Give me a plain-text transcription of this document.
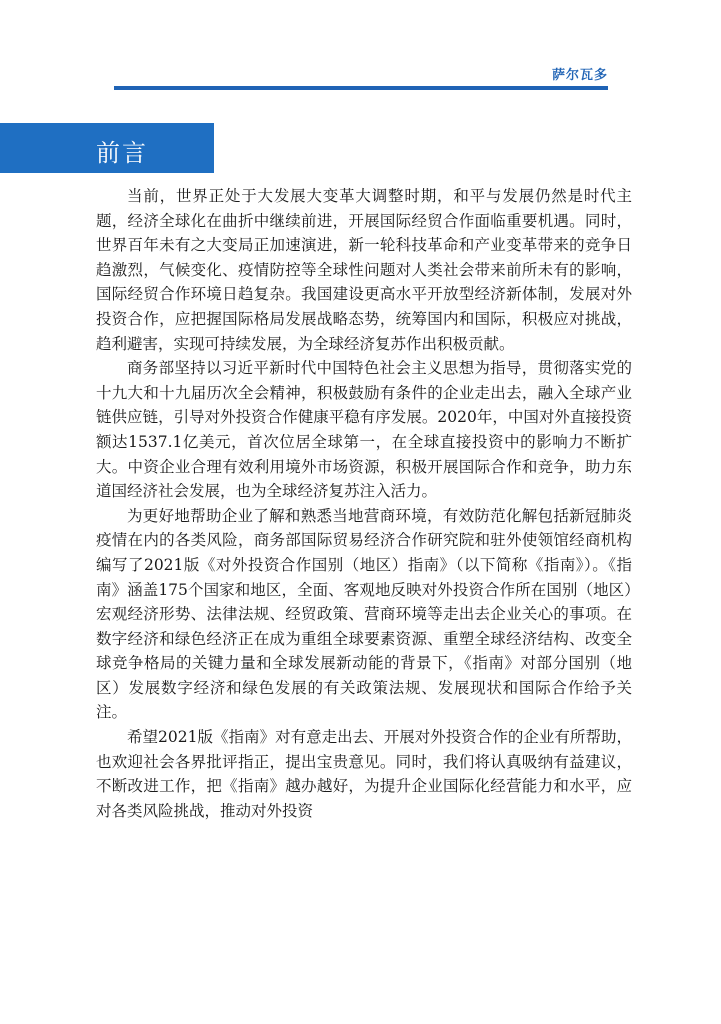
萨尔瓦多
前言

当前，世界正处于大发展大变革大调整时期，和平与发展仍然是时代主题，经济全球化在曲折中继续前进，开展国际经贸合作面临重要机遇。同时，世界百年未有之大变局正加速演进，新一轮科技革命和产业变革带来的竞争日趋激烈，气候变化、疫情防控等全球性问题对人类社会带来前所未有的影响，国际经贸合作环境日趋复杂。我国建设更高水平开放型经济新体制，发展对外投资合作，应把握国际格局发展战略态势，统筹国内和国际，积极应对挑战，趋利避害，实现可持续发展，为全球经济复苏作出积极贡献。

商务部坚持以习近平新时代中国特色社会主义思想为指导，贯彻落实党的十九大和十九届历次全会精神，积极鼓励有条件的企业走出去，融入全球产业链供应链，引导对外投资合作健康平稳有序发展。2020年，中国对外直接投资额达1537.1亿美元，首次位居全球第一，在全球直接投资中的影响力不断扩大。中资企业合理有效利用境外市场资源，积极开展国际合作和竞争，助力东道国经济社会发展，也为全球经济复苏注入活力。

为更好地帮助企业了解和熟悉当地营商环境，有效防范化解包括新冠肺炎疫情在内的各类风险，商务部国际贸易经济合作研究院和驻外使领馆经商机构编写了2021版《对外投资合作国别（地区）指南》（以下简称《指南》）。《指南》涵盖175个国家和地区，全面、客观地反映对外投资合作所在国别（地区）宏观经济形势、法律法规、经贸政策、营商环境等走出去企业关心的事项。在数字经济和绿色经济正在成为重组全球要素资源、重塑全球经济结构、改变全球竞争格局的关键力量和全球发展新动能的背景下，《指南》对部分国别（地区）发展数字经济和绿色发展的有关政策法规、发展现状和国际合作给予关注。

希望2021版《指南》对有意走出去、开展对外投资合作的企业有所帮助，也欢迎社会各界批评指正，提出宝贵意见。同时，我们将认真吸纳有益建议，不断改进工作，把《指南》越办越好，为提升企业国际化经营能力和水平，应对各类风险挑战，推动对外投资
